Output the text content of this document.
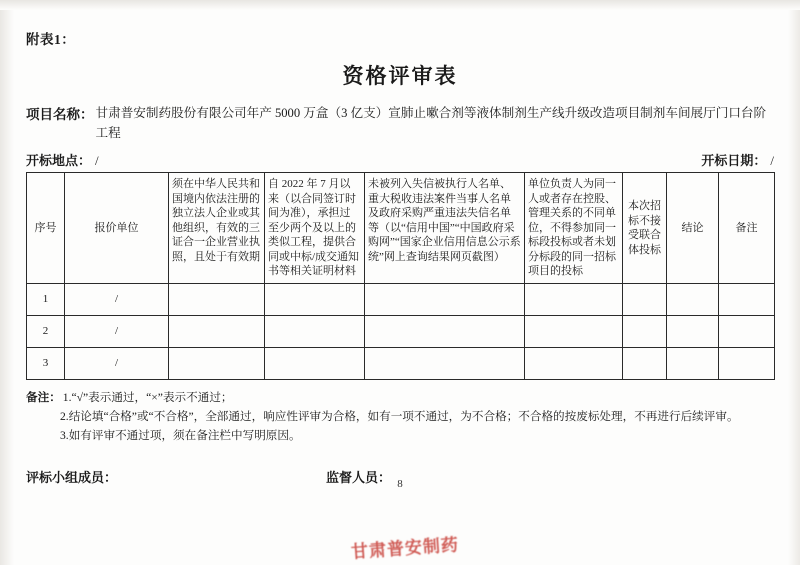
附表1：
资格评审表
项目名称： 甘肃普安制药股份有限公司年产 5000 万盒（3 亿支）宣肺止嗽合剂等液体制剂生产线升级改造项目制剂车间展厅门口台阶工程
开标地点： /	开标日期： /
序号	报价单位	须在中华人民共和国境内依法注册的独立法人企业或其他组织，有效的三证合一企业营业执照，且处于有效期	自 2022 年 7 月以来（以合同签订时间为准），承担过至少两个及以上的类似工程，提供合同或中标/成交通知书等相关证明材料	未被列入失信被执行人名单、重大税收违法案件当事人名单及政府采购严重违法失信名单等（以“信用中国”“中国政府采购网”“国家企业信用信息公示系统”网上查询结果网页截图）	单位负责人为同一人或者存在控股、管理关系的不同单位，不得参加同一标段投标或者未划分标段的同一招标项目的投标	本次招标不接受联合体投标	结论	备注
1	/							
2	/							
3	/							
备注： 1.“√”表示通过，“×”表示不通过；
2.结论填“合格”或“不合格”，全部通过，响应性评审为合格，如有一项不通过，为不合格；不合格的按废标处理，不再进行后续评审。
3.如有评审不通过项，须在备注栏中写明原因。
评标小组成员：	监督人员： 8
甘肃普安制药
